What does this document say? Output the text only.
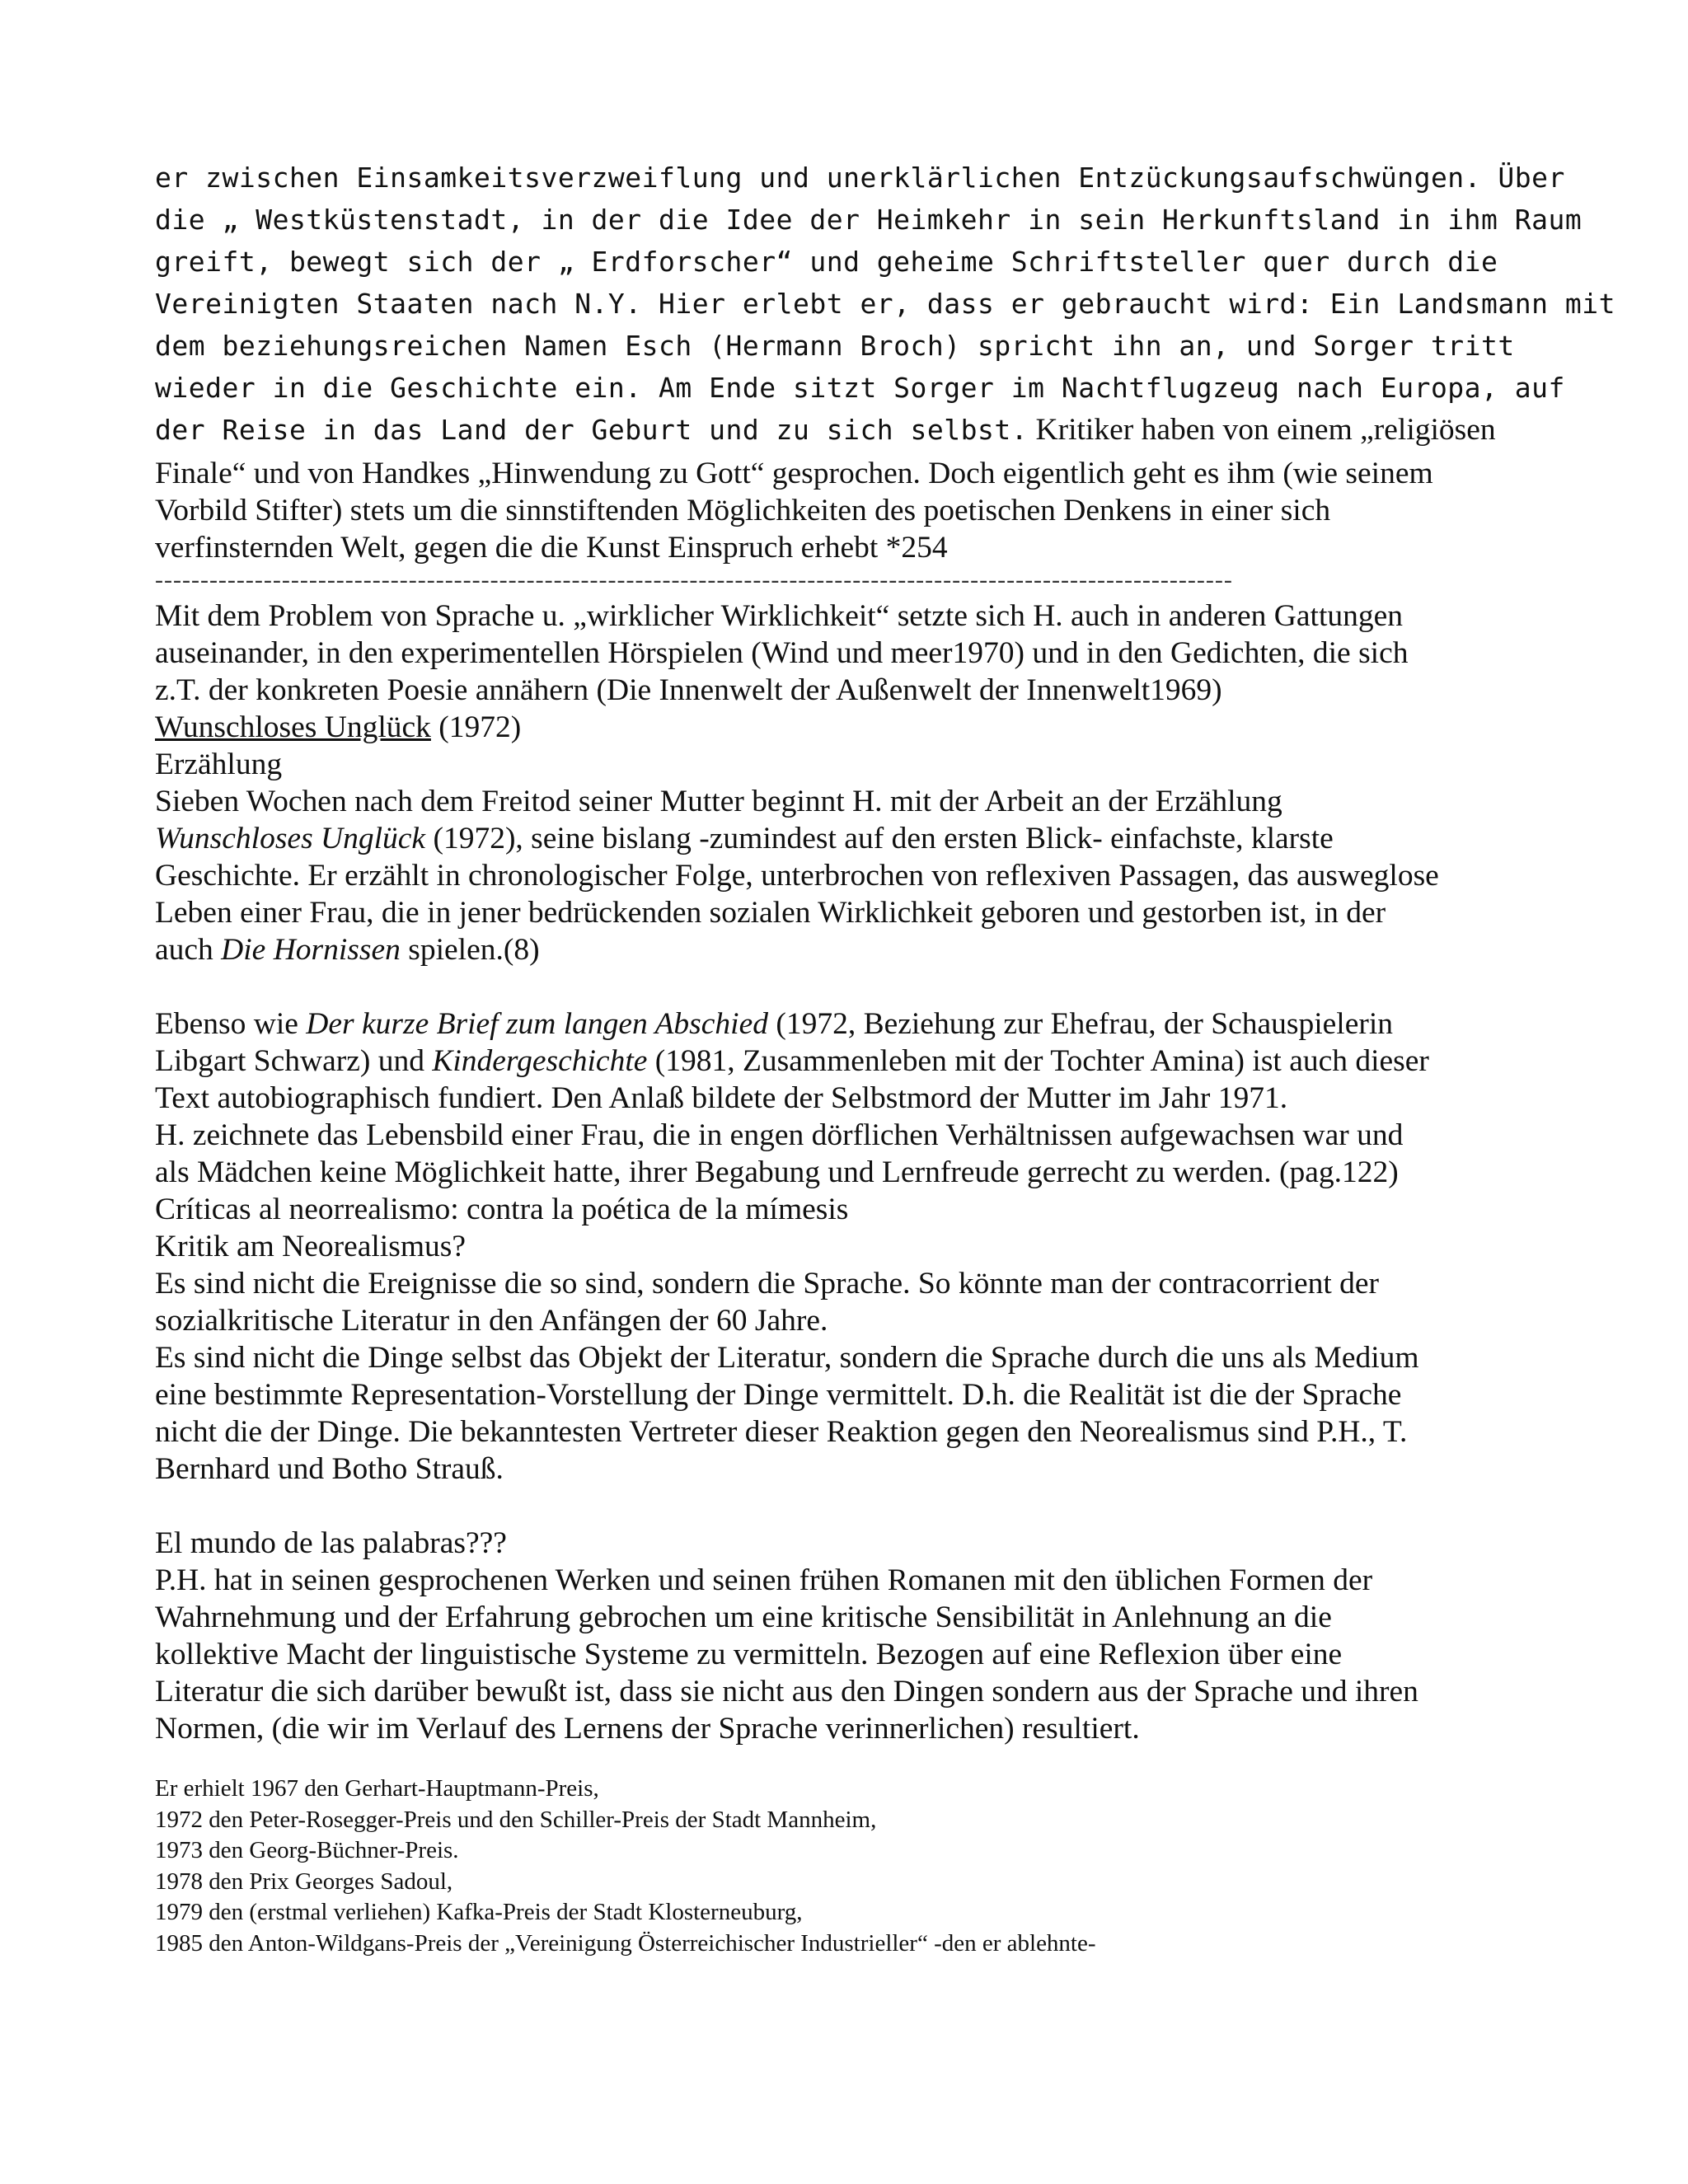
er zwischen Einsamkeitsverzweiflung und unerklärlichen Entzückungsaufschwüngen. Über
die „ Westküstenstadt, in der die Idee der Heimkehr in sein Herkunftsland in ihm Raum
greift, bewegt sich der „ Erdforscher“ und geheime Schriftsteller quer durch die
Vereinigten Staaten nach N.Y. Hier erlebt er, dass er gebraucht wird: Ein Landsmann mit
dem beziehungsreichen Namen Esch (Hermann Broch) spricht ihn an, und Sorger tritt
wieder in die Geschichte ein. Am Ende sitzt Sorger im Nachtflugzeug nach Europa, auf
der Reise in das Land der Geburt und zu sich selbst. Kritiker haben von einem „religiösen
Finale“ und von Handkes „Hinwendung zu Gott“ gesprochen. Doch eigentlich geht es ihm (wie seinem
Vorbild Stifter) stets um die sinnstiftenden Möglichkeiten des poetischen Denkens in einer sich
verfinsternden Welt, gegen die die Kunst Einspruch erhebt *254
-----------------------------------------------------------------------------------------------------------------------
Mit dem Problem von Sprache u. „wirklicher Wirklichkeit“ setzte sich H. auch in anderen Gattungen
auseinander, in den experimentellen Hörspielen (Wind und meer1970) und in den Gedichten, die sich
z.T. der konkreten Poesie annähern (Die Innenwelt der Außenwelt der Innenwelt1969)
Wunschloses Unglück (1972)
Erzählung
Sieben Wochen nach dem Freitod seiner Mutter beginnt H. mit der Arbeit an der Erzählung
Wunschloses Unglück (1972), seine bislang -zumindest auf den ersten Blick- einfachste, klarste
Geschichte. Er erzählt in chronologischer Folge, unterbrochen von reflexiven Passagen, das ausweglose
Leben einer Frau, die in jener bedrückenden sozialen Wirklichkeit geboren und gestorben ist, in der
auch Die Hornissen spielen.(8)
Ebenso wie Der kurze Brief zum langen Abschied (1972, Beziehung zur Ehefrau, der Schauspielerin
Libgart Schwarz) und Kindergeschichte (1981, Zusammenleben mit der Tochter Amina) ist auch dieser
Text autobiographisch fundiert. Den Anlaß bildete der Selbstmord der Mutter im Jahr 1971.
H. zeichnete das Lebensbild einer Frau, die in engen dörflichen Verhältnissen aufgewachsen war und
als Mädchen keine Möglichkeit hatte, ihrer Begabung und Lernfreude gerrecht zu werden. (pag.122)
Críticas al neorrealismo: contra la poética de la mímesis
Kritik am Neorealismus?
Es sind nicht die Ereignisse die so sind, sondern die Sprache. So könnte man der contracorrient der
sozialkritische Literatur in den Anfängen der 60 Jahre.
Es sind nicht die Dinge selbst das Objekt der Literatur, sondern die Sprache durch die uns als Medium
eine bestimmte Representation-Vorstellung der Dinge vermittelt. D.h. die Realität ist die der Sprache
nicht die der Dinge. Die bekanntesten Vertreter dieser Reaktion gegen den Neorealismus sind P.H., T.
Bernhard und Botho Strauß.
El mundo de las palabras???
P.H. hat in seinen gesprochenen Werken und seinen frühen Romanen mit den üblichen Formen der
Wahrnehmung und der Erfahrung gebrochen um eine kritische Sensibilität in Anlehnung an die
kollektive Macht der linguistische Systeme zu vermitteln. Bezogen auf eine Reflexion über eine
Literatur die sich darüber bewußt ist, dass sie nicht aus den Dingen sondern aus der Sprache und ihren
Normen, (die wir im Verlauf des Lernens der Sprache verinnerlichen) resultiert.
Er erhielt 1967 den Gerhart-Hauptmann-Preis,
1972 den Peter-Rosegger-Preis und den Schiller-Preis der Stadt Mannheim,
1973 den Georg-Büchner-Preis.
1978 den Prix Georges Sadoul,
1979 den (erstmal verliehen) Kafka-Preis der Stadt Klosterneuburg,
1985 den Anton-Wildgans-Preis der „Vereinigung Österreichischer Industrieller“ -den er ablehnte-
